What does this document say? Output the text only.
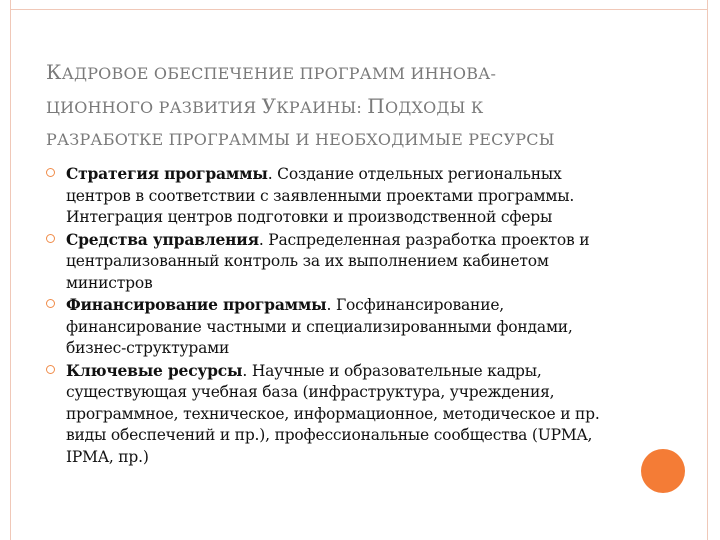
КАДРОВОЕ ОБЕСПЕЧЕНИЕ ПРОГРАММ ИННОВА-
ЦИОННОГО РАЗВИТИЯ УКРАИНЫ: ПОДХОДЫ К
РАЗРАБОТКЕ ПРОГРАММЫ И НЕОБХОДИМЫЕ РЕСУРСЫ
Стратегия программы. Создание отдельных региональных центров в соответствии с заявленными проектами программы. Интеграция центров подготовки и производственной сферы
Средства управления. Распределенная разработка проектов и централизованный контроль за их выполнением кабинетом министров
Финансирование программы. Госфинансирование, финансирование частными и специализированными фондами, бизнес-структурами
Ключевые ресурсы. Научные и образовательные кадры, существующая учебная база (инфраструктура, учреждения, программное, техническое, информационное, методическое и пр. виды обеспечений и пр.), профессиональные сообщества (UPMA, IPMA, пр.)
